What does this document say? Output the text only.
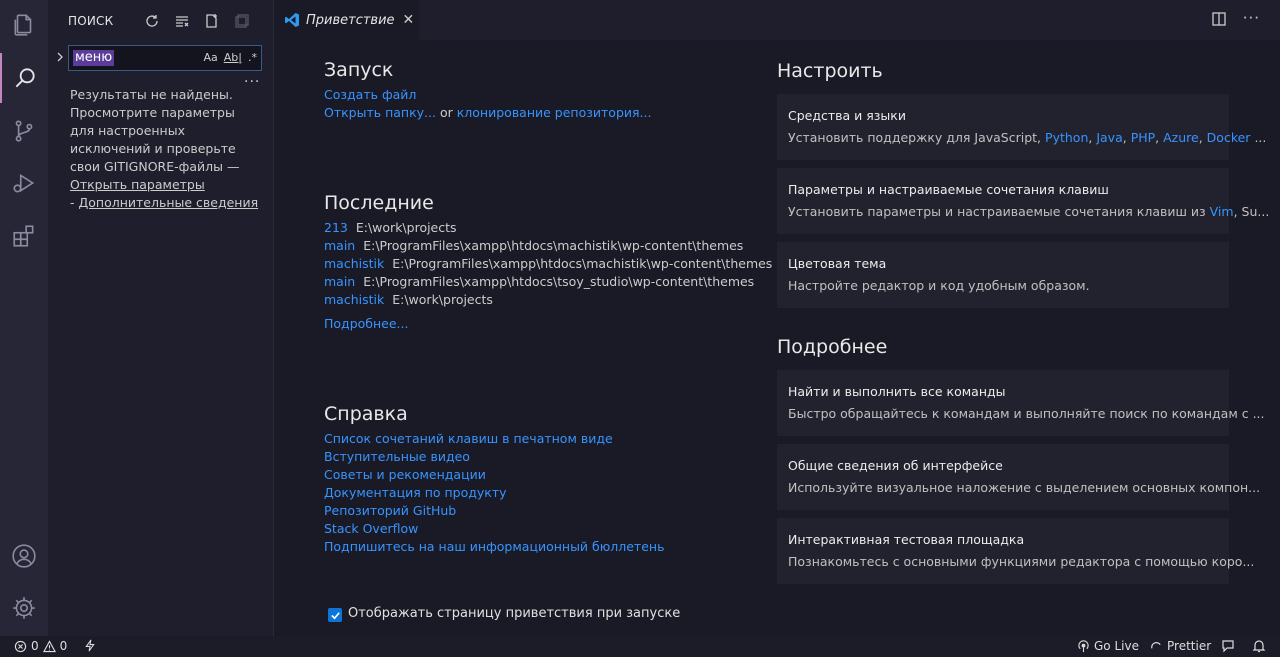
ПОИСК
меню	Aa Ab| .*
...
Результаты не найдены. Просмотрите параметры для настроенных исключений и проверьте свои GITIGNORE-файлы —Открыть параметры
- Дополнительные сведения
Приветствие ✕	···
Запуск
Создать файл
Открыть папку... or клонирование репозитория...
Последние
213 E:\work\projects
main E:\ProgramFiles\xampp\htdocs\machistik\wp-content\themes
machistik E:\ProgramFiles\xampp\htdocs\machistik\wp-content\themes
main E:\ProgramFiles\xampp\htdocs\tsoy_studio\wp-content\themes
machistik E:\work\projects
Подробнее...
Справка
Список сочетаний клавиш в печатном виде
Вступительные видео
Советы и рекомендации
Документация по продукту
Репозиторий GitHub
Stack Overflow
Подпишитесь на наш информационный бюллетень
Настроить
Средства и языки
Установить поддержку для JavaScript, Python, Java, PHP, Azure, Docker ...
Параметры и настраиваемые сочетания клавиш
Установить параметры и настраиваемые сочетания клавиш из Vim, Su...
Цветовая тема
Настройте редактор и код удобным образом.
Подробнее
Найти и выполнить все команды
Быстро обращайтесь к командам и выполняйте поиск по командам с ...
Общие сведения об интерфейсе
Используйте визуальное наложение с выделением основных компон...
Интерактивная тестовая площадка
Познакомьтесь с основными функциями редактора с помощью коро...
Отображать страницу приветствия при запуске
0 0	Go Live Prettier
